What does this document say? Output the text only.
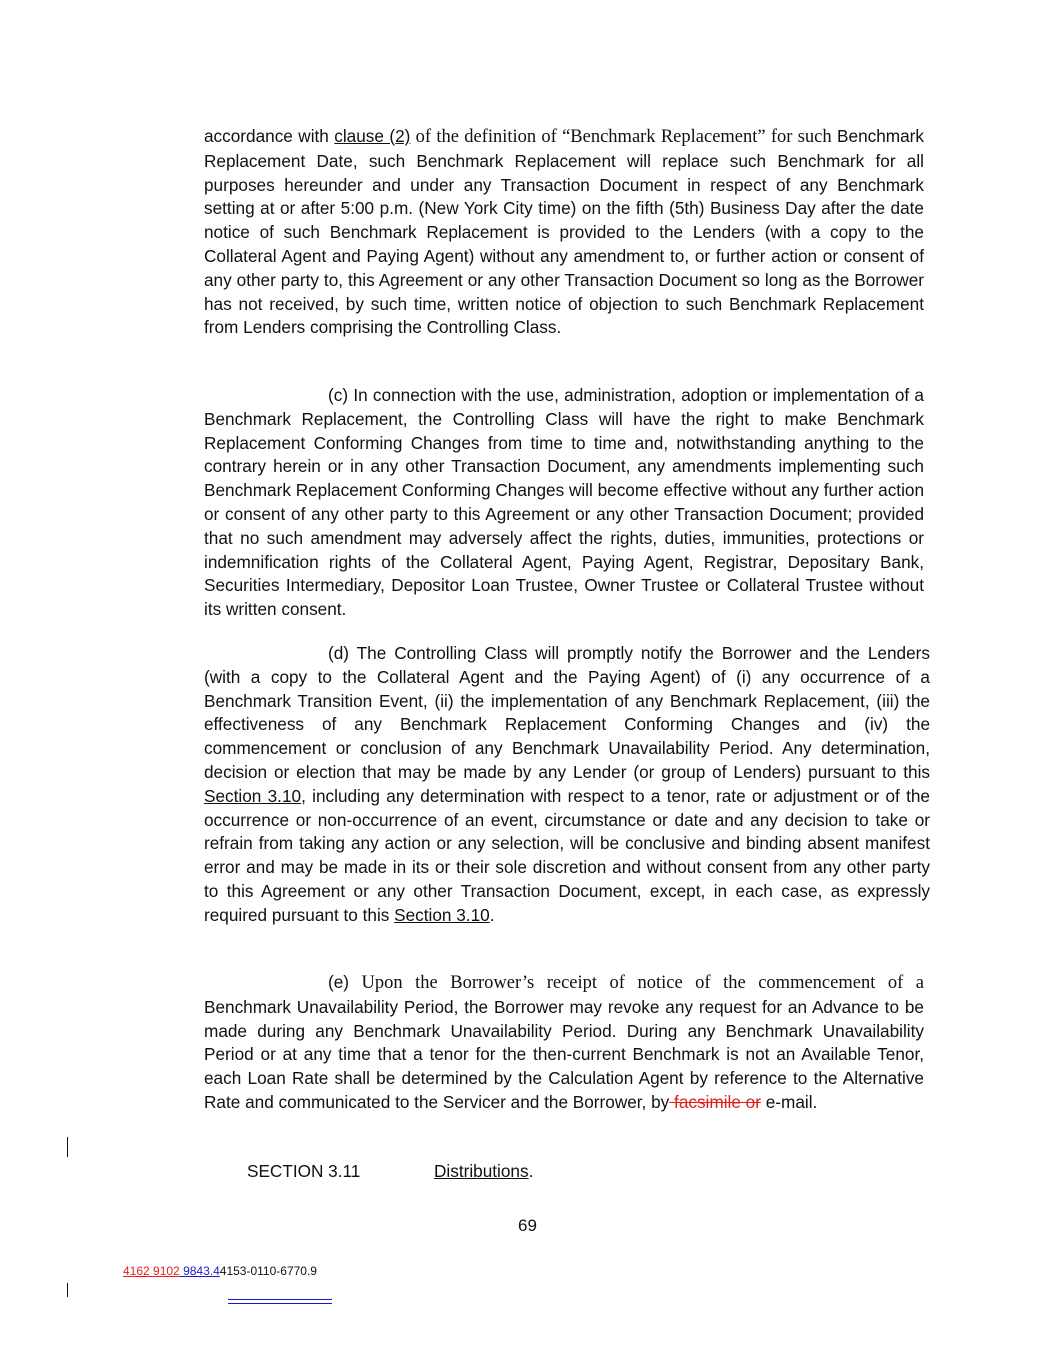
accordance with clause (2) of the definition of “Benchmark Replacement” for such Benchmark Replacement Date, such Benchmark Replacement will replace such Benchmark for all purposes hereunder and under any Transaction Document in respect of any Benchmark setting at or after 5:00 p.m. (New York City time) on the fifth (5th) Business Day after the date notice of such Benchmark Replacement is provided to the Lenders (with a copy to the Collateral Agent and Paying Agent) without any amendment to, or further action or consent of any other party to, this Agreement or any other Transaction Document so long as the Borrower has not received, by such time, written notice of objection to such Benchmark Replacement from Lenders comprising the Controlling Class.

(c) In connection with the use, administration, adoption or implementation of a Benchmark Replacement, the Controlling Class will have the right to make Benchmark Replacement Conforming Changes from time to time and, notwithstanding anything to the contrary herein or in any other Transaction Document, any amendments implementing such Benchmark Replacement Conforming Changes will become effective without any further action or consent of any other party to this Agreement or any other Transaction Document; provided that no such amendment may adversely affect the rights, duties, immunities, protections or indemnification rights of the Collateral Agent, Paying Agent, Registrar, Depositary Bank, Securities Intermediary, Depositor Loan Trustee, Owner Trustee or Collateral Trustee without its written consent.

(d) The Controlling Class will promptly notify the Borrower and the Lenders (with a copy to the Collateral Agent and the Paying Agent) of (i) any occurrence of a Benchmark Transition Event, (ii) the implementation of any Benchmark Replacement, (iii) the effectiveness of any Benchmark Replacement Conforming Changes and (iv) the commencement or conclusion of any Benchmark Unavailability Period. Any determination, decision or election that may be made by any Lender (or group of Lenders) pursuant to this Section 3.10, including any determination with respect to a tenor, rate or adjustment or of the occurrence or non-occurrence of an event, circumstance or date and any decision to take or refrain from taking any action or any selection, will be conclusive and binding absent manifest error and may be made in its or their sole discretion and without consent from any other party to this Agreement or any other Transaction Document, except, in each case, as expressly required pursuant to this Section 3.10.

(e) Upon the Borrower’s receipt of notice of the commencement of a Benchmark Unavailability Period, the Borrower may revoke any request for an Advance to be made during any Benchmark Unavailability Period. During any Benchmark Unavailability Period or at any time that a tenor for the then-current Benchmark is not an Available Tenor, each Loan Rate shall be determined by the Calculation Agent by reference to the Alternative Rate and communicated to the Servicer and the Borrower, by facsimile or e-mail.

SECTION 3.11	Distributions.
69
4162 9102 9843.44153-0110-6770.9
